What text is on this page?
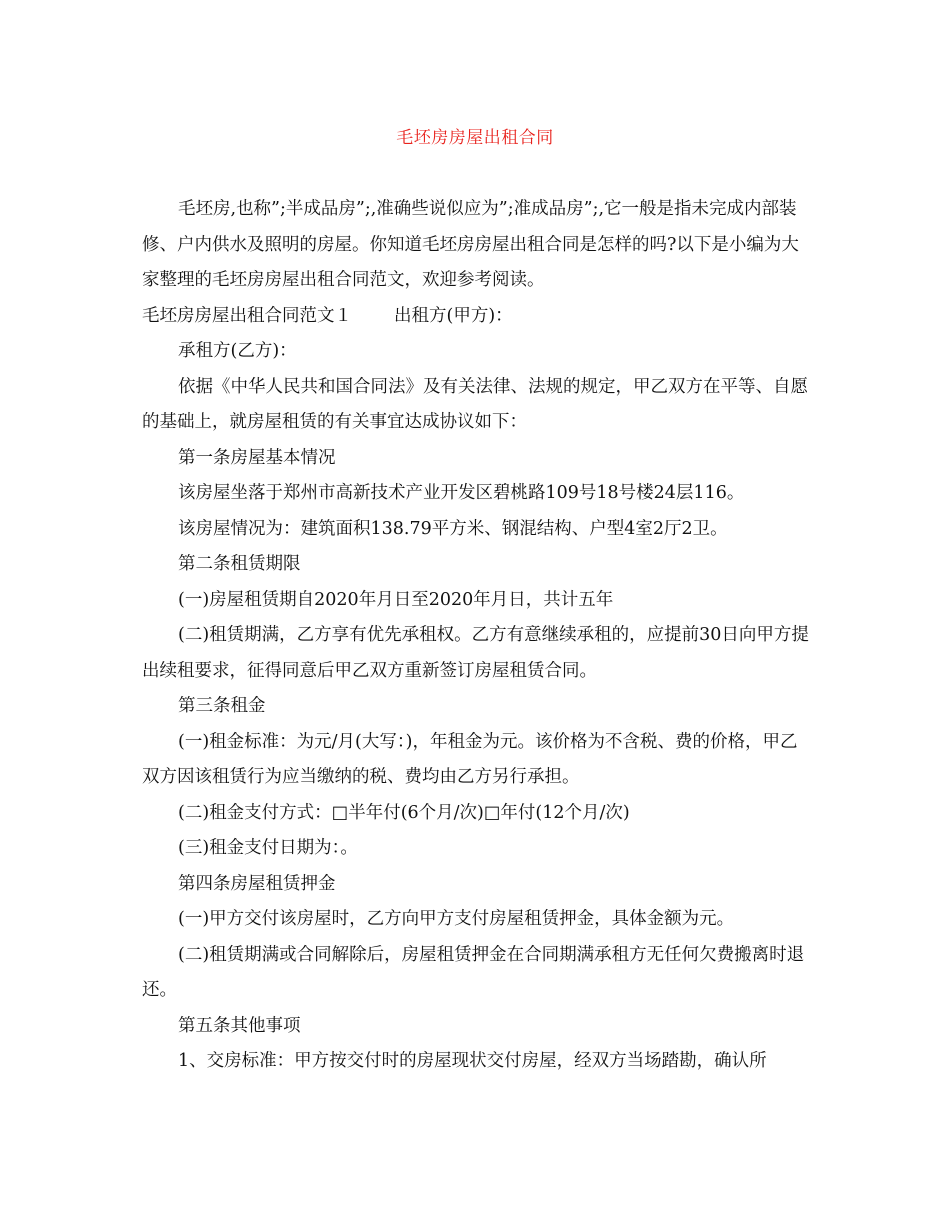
毛坯房房屋出租合同

毛坯房,也称”;半成品房”;,准确些说似应为”;准成品房”;,它一般是指未完成内部装修、户内供水及照明的房屋。你知道毛坯房房屋出租合同是怎样的吗?以下是小编为大家整理的毛坯房房屋出租合同范文，欢迎参考阅读。

毛坯房房屋出租合同范文１ 出租方(甲方)：

承租方(乙方)：

依据《中华人民共和国合同法》及有关法律、法规的规定，甲乙双方在平等、自愿的基础上，就房屋租赁的有关事宜达成协议如下：

第一条房屋基本情况

该房屋坐落于郑州市高新技术产业开发区碧桃路109号18号楼24层116。

该房屋情况为：建筑面积138.79平方米、钢混结构、户型4室2厅2卫。

第二条租赁期限

(一)房屋租赁期自2020年月日至2020年月日，共计五年

(二)租赁期满，乙方享有优先承租权。乙方有意继续承租的，应提前30日向甲方提出续租要求，征得同意后甲乙双方重新签订房屋租赁合同。

第三条租金

(一)租金标准：为元/月(大写：)，年租金为元。该价格为不含税、费的价格，甲乙双方因该租赁行为应当缴纳的税、费均由乙方另行承担。

(二)租金支付方式：□半年付(6个月/次)□年付(12个月/次)

(三)租金支付日期为：。

第四条房屋租赁押金

(一)甲方交付该房屋时，乙方向甲方支付房屋租赁押金，具体金额为元。

(二)租赁期满或合同解除后，房屋租赁押金在合同期满承租方无任何欠费搬离时退还。

第五条其他事项

1、交房标准：甲方按交付时的房屋现状交付房屋，经双方当场踏勘，确认所
